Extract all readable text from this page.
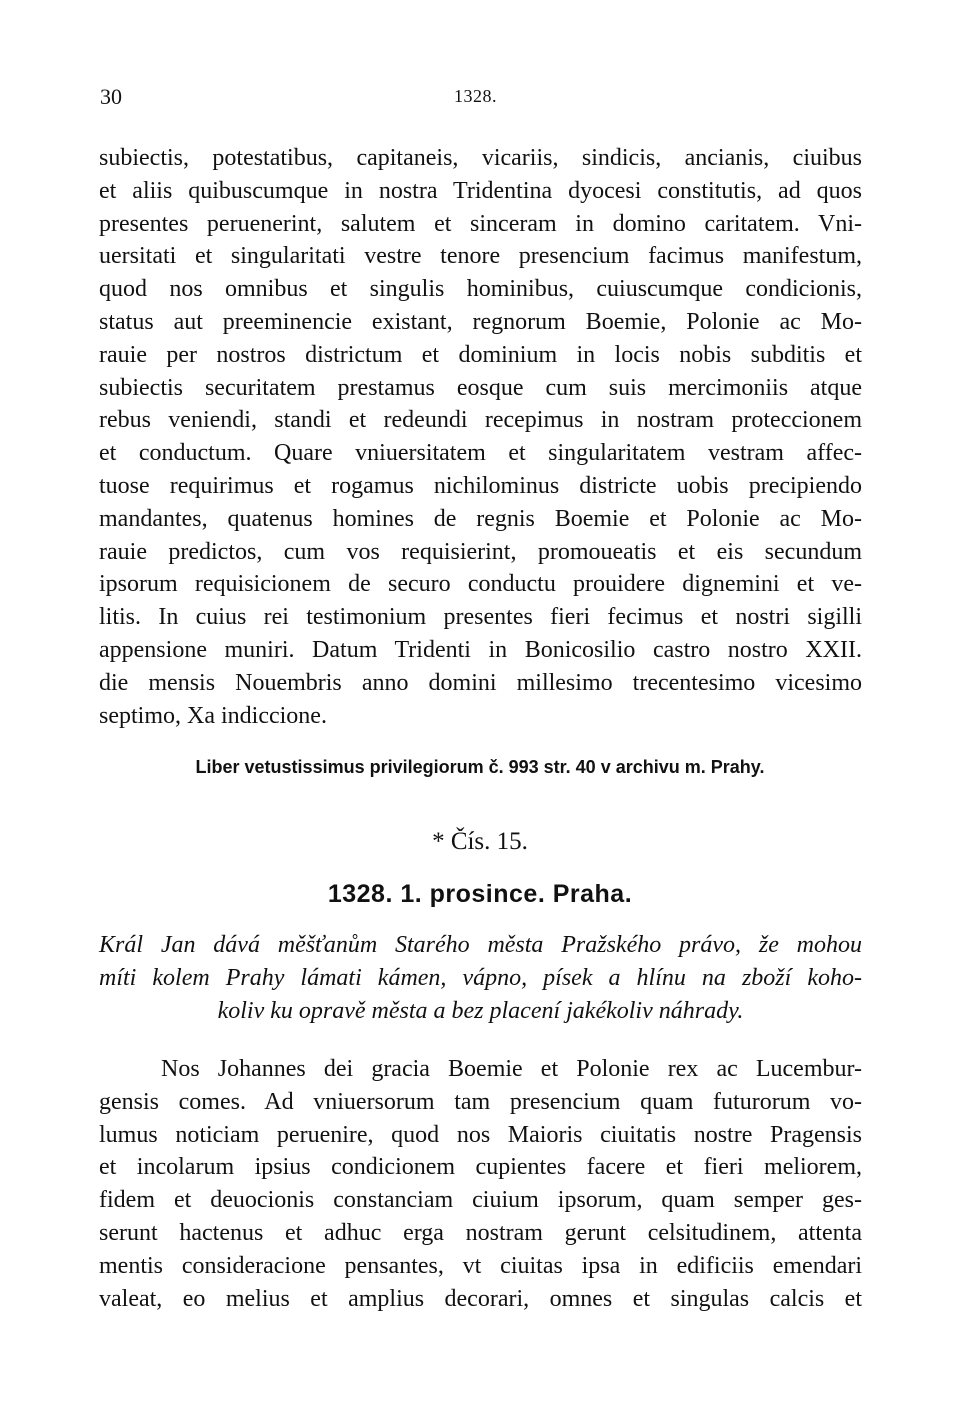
30	1328.
subiectis, potestatibus, capitaneis, vicariis, sindicis, ancianis, ciuibus
et aliis quibuscumque in nostra Tridentina dyocesi constitutis, ad quos
presentes peruenerint, salutem et sinceram in domino caritatem. Vni-
uersitati et singularitati vestre tenore presencium facimus manifestum,
quod nos omnibus et singulis hominibus, cuiuscumque condicionis,
status aut preeminencie existant, regnorum Boemie, Polonie ac Mo-
rauie per nostros districtum et dominium in locis nobis subditis et
subiectis securitatem prestamus eosque cum suis mercimoniis atque
rebus veniendi, standi et redeundi recepimus in nostram proteccionem
et conductum. Quare vniuersitatem et singularitatem vestram affec-
tuose requirimus et rogamus nichilominus districte uobis precipiendo
mandantes, quatenus homines de regnis Boemie et Polonie ac Mo-
rauie predictos, cum vos requisierint, promoueatis et eis secundum
ipsorum requisicionem de securo conductu prouidere dignemini et ve-
litis. In cuius rei testimonium presentes fieri fecimus et nostri sigilli
appensione muniri. Datum Tridenti in Bonicosilio castro nostro XXII.
die mensis Nouembris anno domini millesimo trecentesimo vicesimo
septimo, Xa indiccione.
Liber vetustissimus privilegiorum č. 993 str. 40 v archivu m. Prahy.
* Čís. 15.
1328. 1. prosince. Praha.
Král Jan dává měšťanům Starého města Pražského právo, že mohou
míti kolem Prahy lámati kámen, vápno, písek a hlínu na zboží koho-
koliv ku opravě města a bez placení jakékoliv náhrady.
Nos Johannes dei gracia Boemie et Polonie rex ac Lucembur-
gensis comes. Ad vniuersorum tam presencium quam futurorum vo-
lumus noticiam peruenire, quod nos Maioris ciuitatis nostre Pragensis
et incolarum ipsius condicionem cupientes facere et fieri meliorem,
fidem et deuocionis constanciam ciuium ipsorum, quam semper ges-
serunt hactenus et adhuc erga nostram gerunt celsitudinem, attenta
mentis consideracione pensantes, vt ciuitas ipsa in edificiis emendari
valeat, eo melius et amplius decorari, omnes et singulas calcis et
